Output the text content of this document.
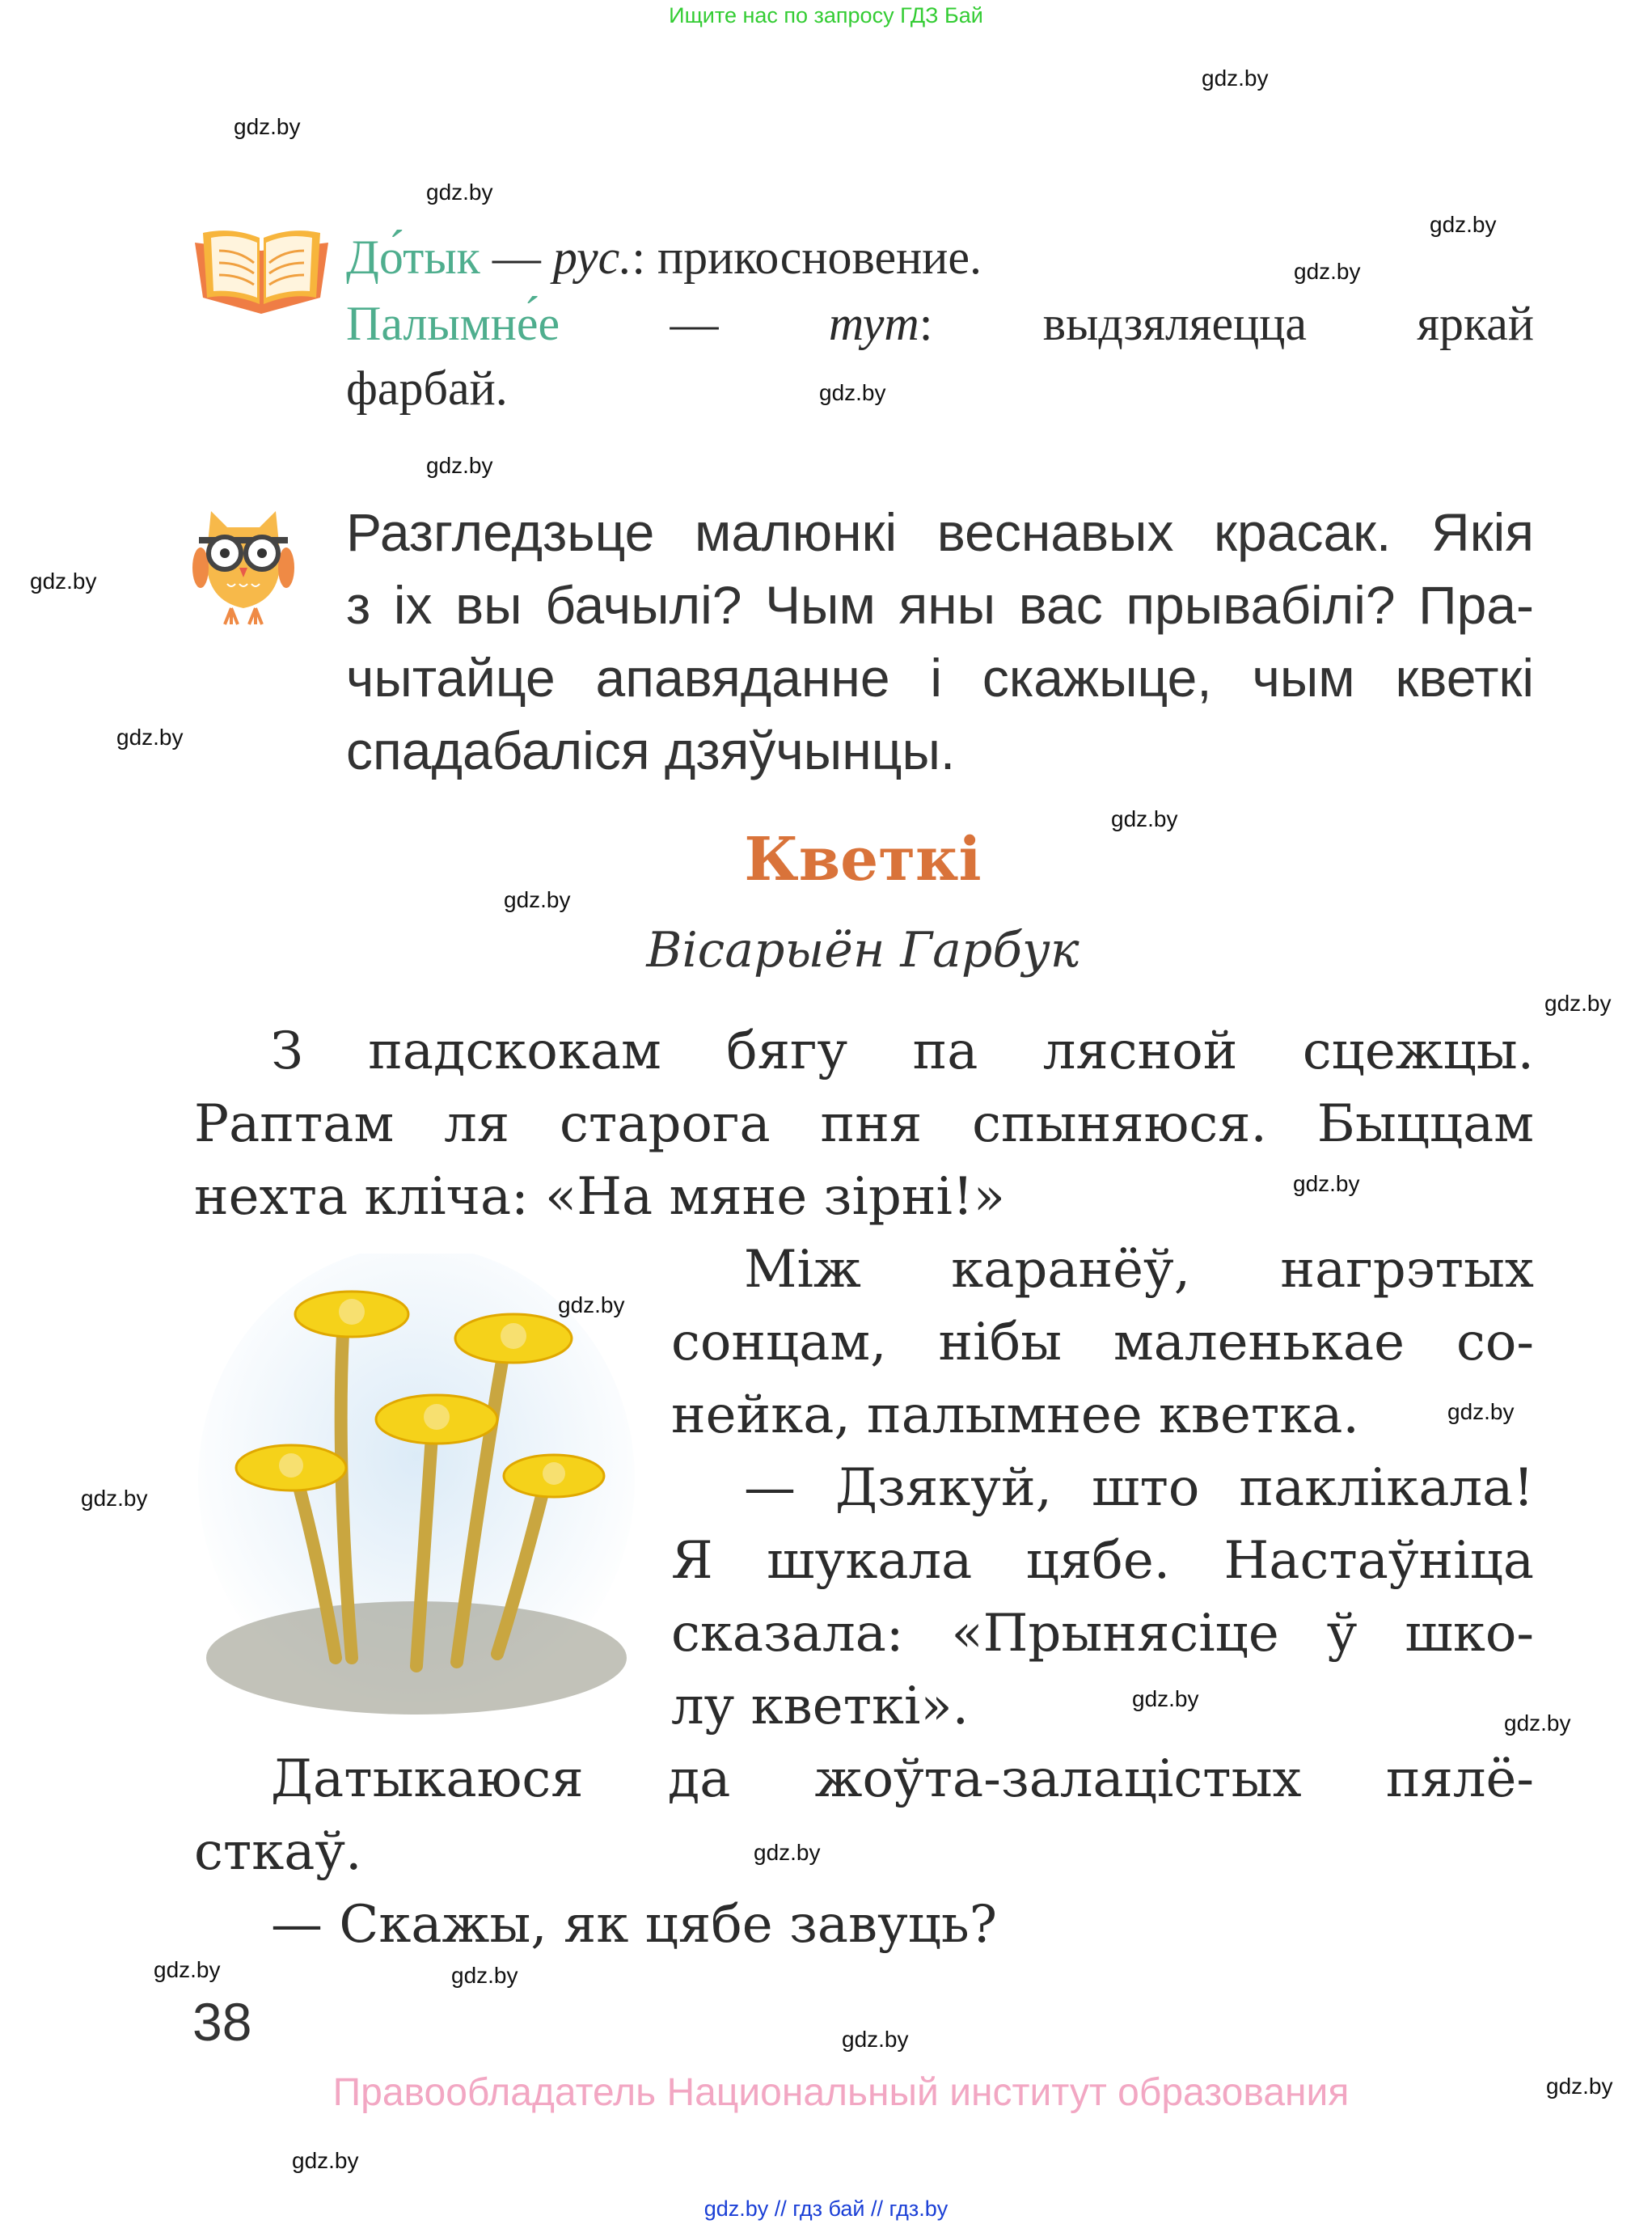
Ищите нас по запросу ГДЗ Бай
До́тык — рус.: прикосновение.
Палымне́е — тут: выдзяляецца яркай
фарбай.
Разгледзьце малюнкі веснавых красак. Якія
з іх вы бачылі? Чым яны вас прывабілі? Пра-
чытайце апавяданне і скажыце, чым кветкі
спадабаліся дзяўчынцы.
Кветкі
Вісарыён Гарбук
З падскокам бягу па лясной сцежцы.
Раптам ля старога пня спыняюся. Быццам
нехта кліча: «На мяне зірні!»
Між каранёў, нагрэтых
сонцам, нібы маленькае со-
нейка, палымнее кветка.
— Дзякуй, што паклікала!
Я шукала цябе. Настаўніца
сказала: «Прынясіце ў шко-
лу кветкі».
Датыкаюся да жоўта-залацістых пялё-
сткаў.
— Скажы, як цябе завуць?
38
Правообладатель Национальный институт образования
gdz.by // гдз бай // гдз.by
gdz.by
gdz.by
gdz.by
gdz.by
gdz.by
gdz.by
gdz.by
gdz.by
gdz.by
gdz.by
gdz.by
gdz.by
gdz.by
gdz.by
gdz.by
gdz.by
gdz.by
gdz.by
gdz.by
gdz.by	gdz.by
gdz.by
gdz.by
gdz.by
